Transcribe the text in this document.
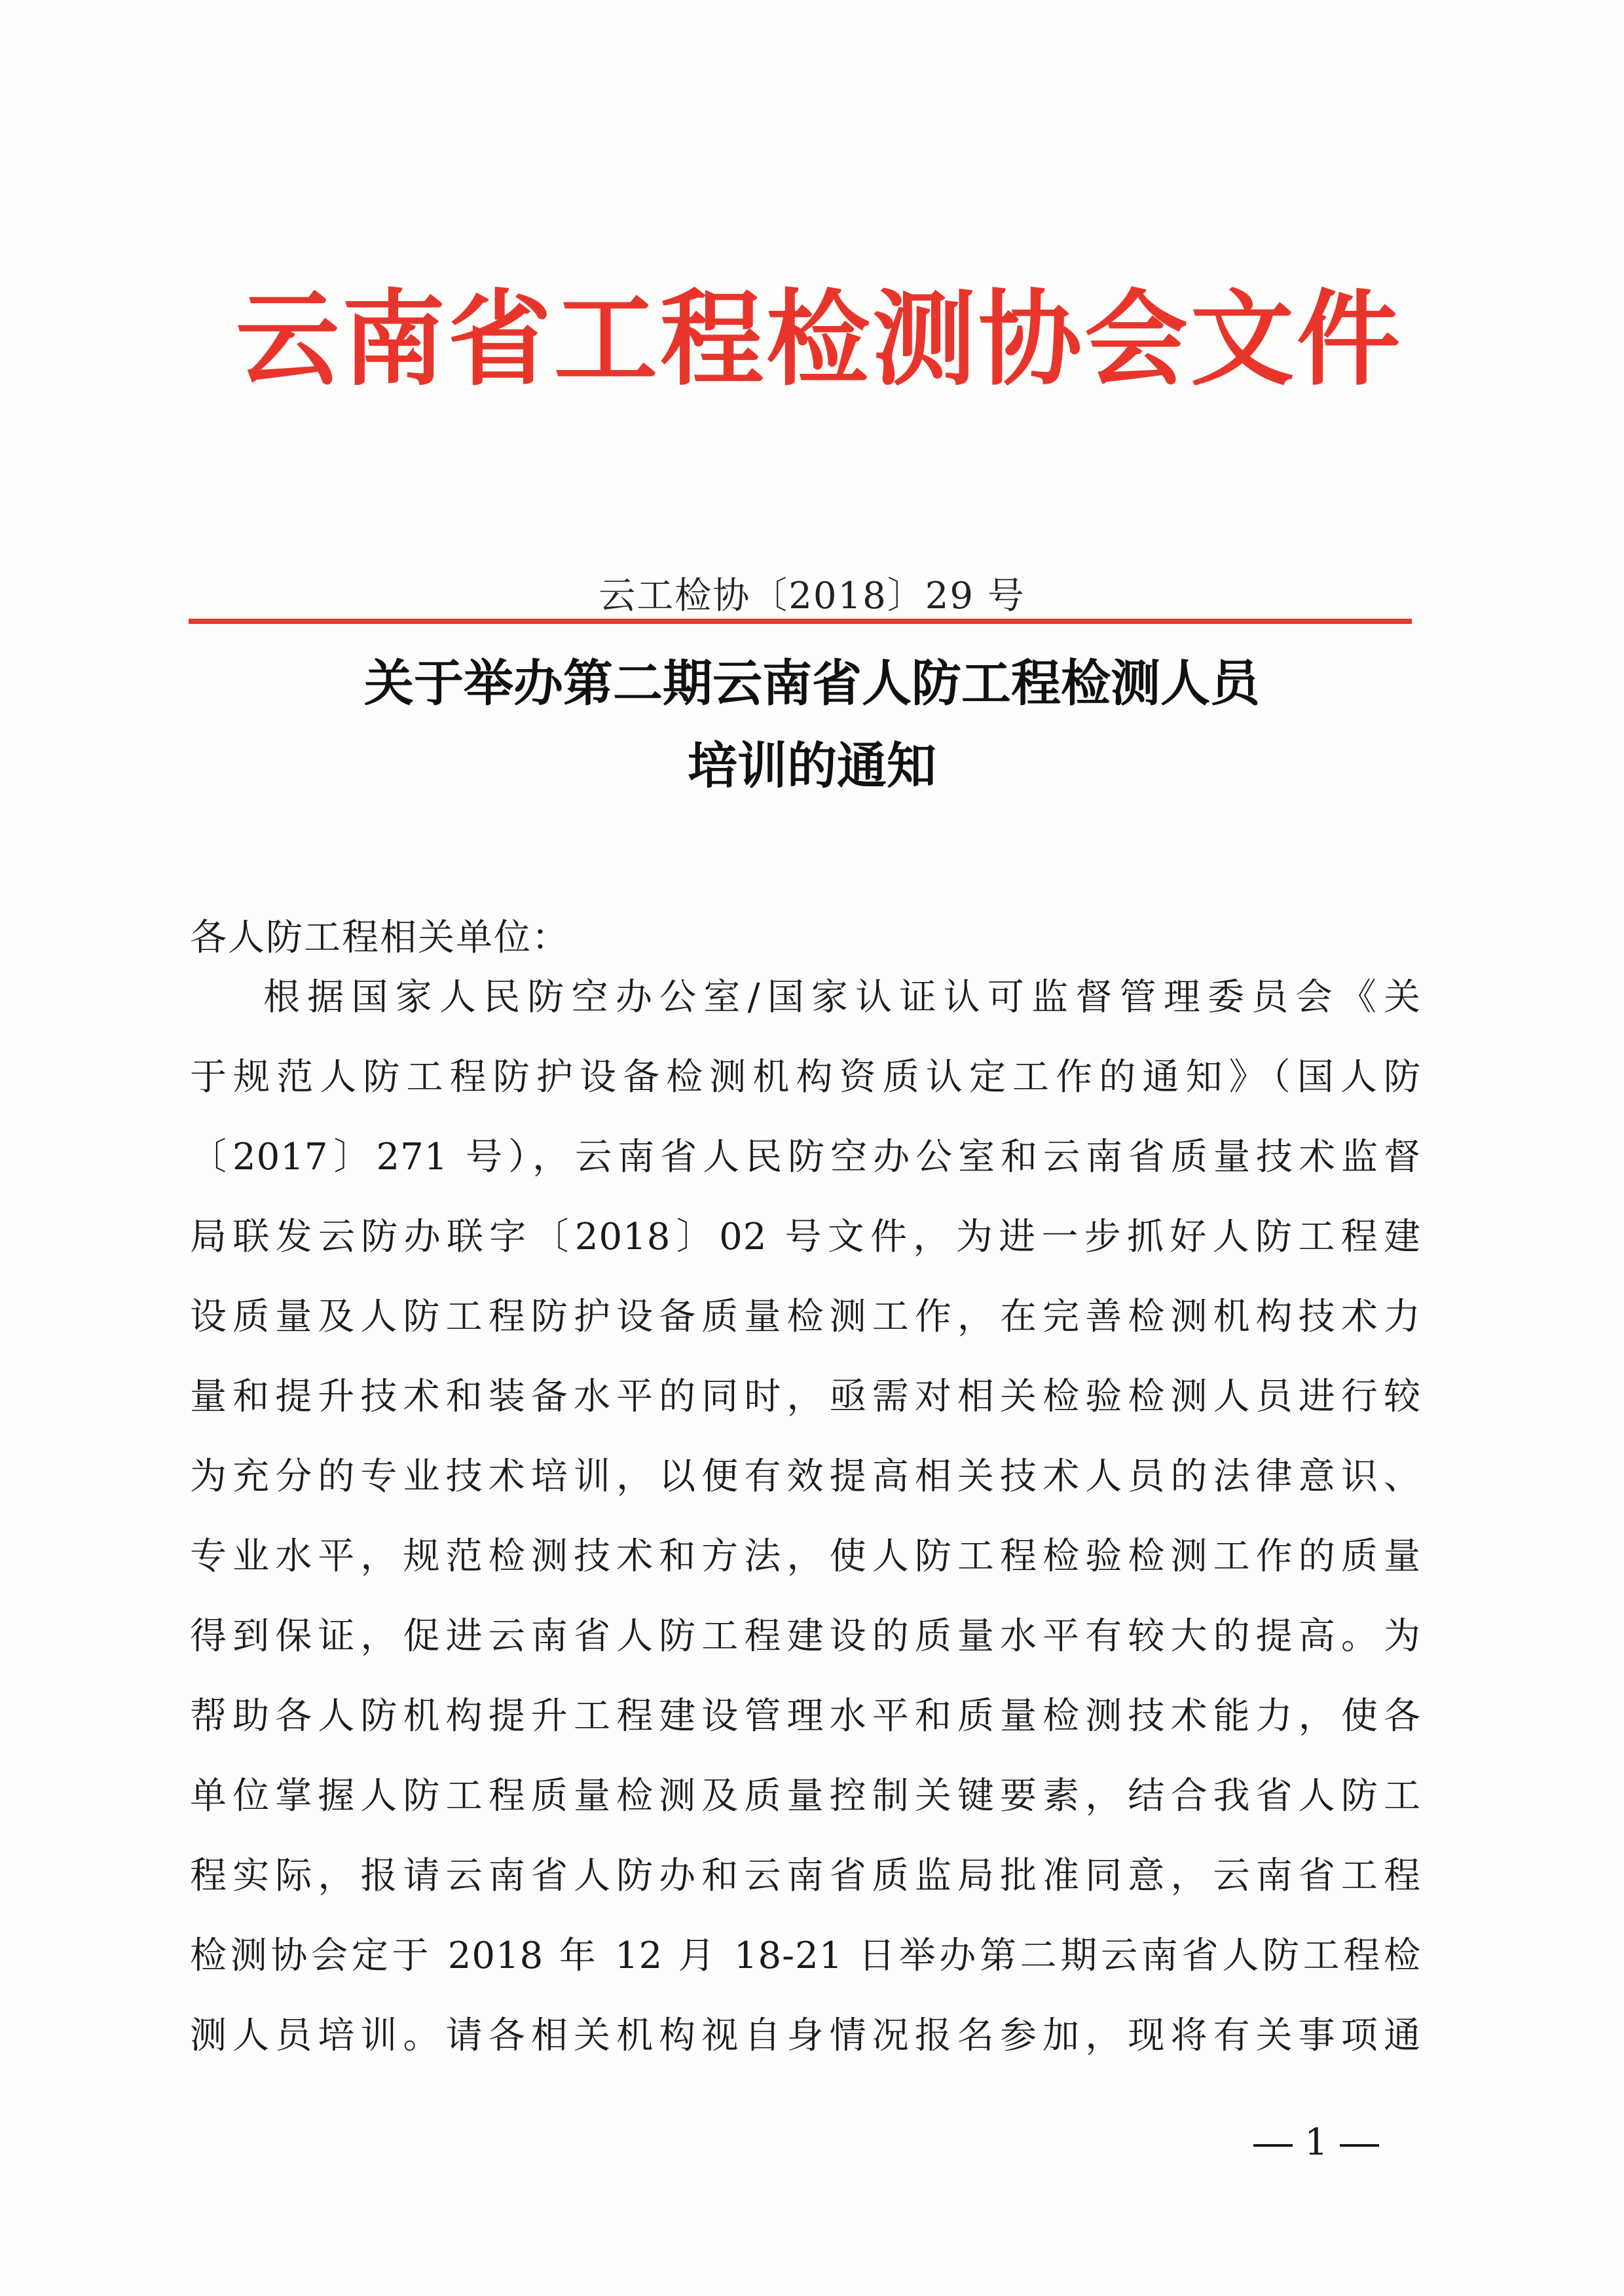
云南省工程检测协会文件
云工检协〔2018〕29 号
关于举办第二期云南省人防工程检测人员
培训的通知
各人防工程相关单位：
根据国家人民防空办公室/国家认证认可监督管理委员会《关
于规范人防工程防护设备检测机构资质认定工作的通知》（国人防
〔2017〕271 号），云南省人民防空办公室和云南省质量技术监督
局联发云防办联字〔2018〕02 号文件，为进一步抓好人防工程建
设质量及人防工程防护设备质量检测工作，在完善检测机构技术力
量和提升技术和装备水平的同时，亟需对相关检验检测人员进行较
为充分的专业技术培训，以便有效提高相关技术人员的法律意识、
专业水平，规范检测技术和方法，使人防工程检验检测工作的质量
得到保证，促进云南省人防工程建设的质量水平有较大的提高。为
帮助各人防机构提升工程建设管理水平和质量检测技术能力，使各
单位掌握人防工程质量检测及质量控制关键要素，结合我省人防工
程实际，报请云南省人防办和云南省质监局批准同意，云南省工程
检测协会定于 2018 年 12 月 18-21 日举办第二期云南省人防工程检
测人员培训。请各相关机构视自身情况报名参加，现将有关事项通
1
